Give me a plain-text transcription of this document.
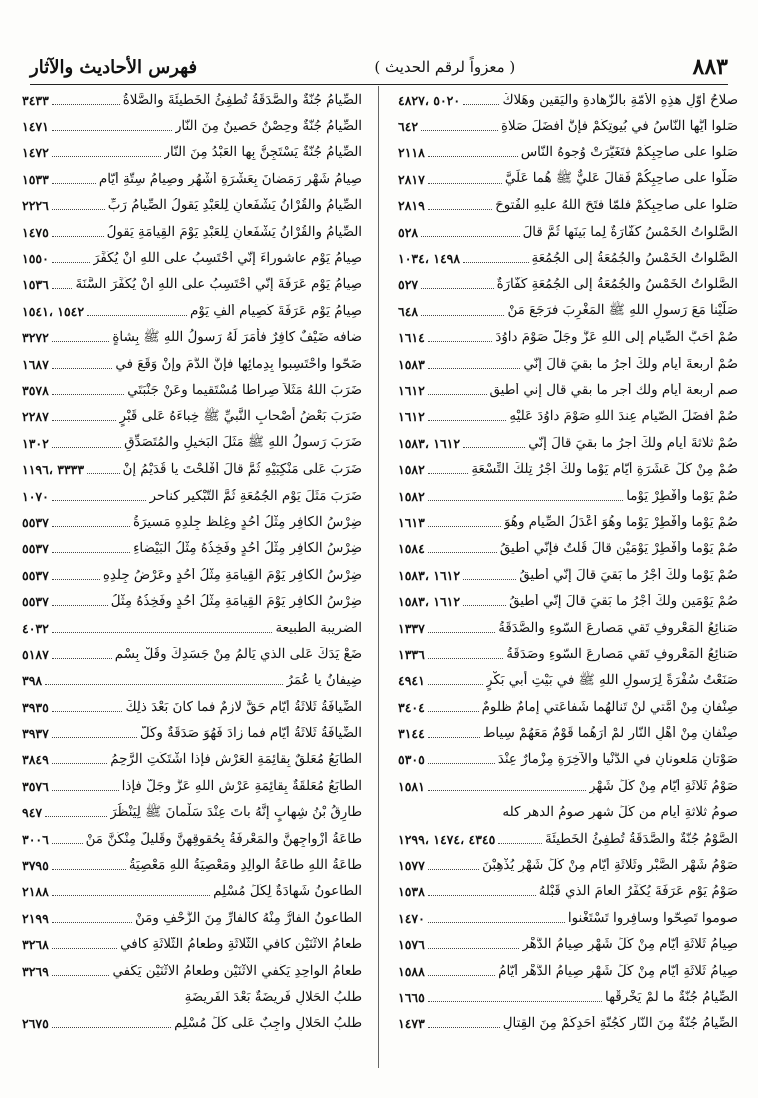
٨٨٣
( معزواً لرقم الحديث )
فهرس الأحاديث والآثار
صلاحُ أوّلِ هذِهِ الأمّةِ بالزّهادةِ واليَقينِ وهَلاكُ
٥٠٢٠ ،٤٨٢٧
صَلّوا أيُّها النّاسُ في بُيوتِكُمْ فإنَّ أفضَلَ صَلاةِ
٦٤٢
صَلّوا على صاحِبِكُمْ فتَغَيَّرَتْ وُجوهُ النّاسِ
٢١١٨
صَلّوا على صاحِبِكُمْ فَقالَ عَليٌّ ﷺ هُما عَلَيَّ
٢٨١٧
صَلّوا على صاحِبِكُمْ فلَمّا فتَحَ اللهُ عليهِ الفُتوحَ
٢٨١٩
الصَّلَواتُ الخَمْسُ كَفّارَةٌ لِما بَينَها ثُمَّ قالَ
٥٢٨
الصَّلَواتُ الخَمْسُ والجُمُعَةُ إلى الجُمُعَةِ
١٤٩٨ ،١٠٣٤
الصَّلَواتُ الخَمْسُ والجُمُعَةُ إلى الجُمُعَةِ كَفّارَةٌ
٥٢٧
صَلَّيْنا مَعَ رَسولِ اللهِ ﷺ المَغْرِبَ فرَجَعَ مَنْ
٦٤٨
صُمْ أحَبَّ الصِّيامِ إلى اللهِ عَزَّ وجَلَّ صَوْمَ داوُدَ
١٦١٤
صُمْ أربعةَ أيامٍ ولكَ أجرُ ما بقيَ قالَ إنّي
١٥٨٣
صم أربعة أيام ولك أجر ما بقي قال إني أطيق
١٦١٢
صُمْ أفضَلَ الصّيامِ عِندَ اللهِ صَوْمَ داوُدَ عَلَيْهِ
١٦١٢
صُمْ ثلاثةَ أيامٍ ولكَ أجرُ ما بقيَ قالَ إنّي
١٦١٢ ،١٥٨٣
صُمْ مِنْ كُلِّ عَشَرَةِ أيّامٍ يَوْماً ولَكَ أجْرُ تِلْكَ التِّسْعَةِ
١٥٨٢
صُمْ يَوْماً وأفْطِرْ يَوْماً
١٥٨٢
صُمْ يَوْماً وأفْطِرْ يَوْماً وهُوَ أعْدَلُ الصِّيامِ وهُوَ
١٦١٣
صُمْ يَوْماً وأفْطِرْ يَوْمَيْنِ قالَ قُلْتُ فإنّي أُطيقُ
١٥٨٤
صُمْ يَوْماً ولَكَ أجْرُ ما بَقيَ قالَ إنّي أُطيقُ
١٦١٢ ،١٥٨٣
صُمْ يَوْمَينِ ولَكَ أجْرُ ما بَقيَ قالَ إنّي أُطيقُ
١٦١٢ ،١٥٨٣
صَنائِعُ المَعْروفِ تَقي مَصارِعَ السّوءِ والصَّدَقَةُ
١٣٣٧
صَنائِعُ المَعْروفِ تَقي مَصارِعَ السّوءِ وصَدَقَةُ
١٣٣٦
صَنَعْتُ سُفْرَةً لِرَسولِ اللهِ ﷺ في بَيْتِ أبي بَكْرٍ
٤٩٤١
صِنْفانِ مِنْ أُمَّتي لَنْ تَنالَهُما شَفاعَتي إمامٌ ظَلومٌ
٣٤٠٤
صِنْفانِ مِنْ أهْلِ النّارِ لَمْ أرَهُما قَوْمٌ مَعَهُمْ سِياطٌ
٣١٤٤
صَوْتانِ مَلْعونانِ في الدُّنْيا والآخِرَةِ مِزْمارٌ عِنْدَ
٥٣٠٥
صَوْمُ ثَلاثَةِ أيّامٍ مِنْ كُلِّ شَهْرٍ
١٥٨١
صومُ ثلاثةِ أيامٍ من كُلِّ شهرٍ صومُ الدهرِ كلّه
الصَّوْمُ جُنَّةٌ والصَّدَقَةُ تُطْفِئُ الخَطيئَةَ
٤٣٤٥ ،١٤٧٤ ،١٢٩٩
صَوْمُ شَهْرِ الصَّبْرِ وثَلاثَةِ أيّامٍ مِنْ كُلِّ شَهْرٍ يُذْهِبْنَ
١٥٧٧
صَوْمُ يَوْمِ عَرَفَةَ يُكَفِّرُ العامَ الّذي قَبْلَهُ
١٥٣٨
صوموا تَصِحّوا وسافِروا تَسْتَغْنوا
١٤٧٠
صِيامُ ثَلاثَةِ أيّامٍ مِنْ كُلِّ شَهْرٍ صِيامُ الدَّهْرِ
١٥٧٦
صِيامُ ثَلاثَةِ أيّامٍ مِنْ كُلِّ شَهْرٍ صِيامُ الدَّهْرِ أيّامُ
١٥٨٨
الصِّيامُ جُنَّةٌ ما لَمْ يَخْرِقْها
١٦٦٥
الصِّيامُ جُنَّةٌ مِنَ النّارِ كَجُنَّةِ أحَدِكُمْ مِنَ القِتالِ
١٤٧٣
الصِّيامُ جُنَّةٌ والصَّدَقَةُ تُطْفِئُ الخَطيئَةَ والصَّلاةُ
٣٤٣٣
الصِّيامُ جُنَّةٌ وحِصْنٌ حَصينٌ مِنَ النّارِ
١٤٧١
الصِّيامُ جُنَّةٌ يَسْتَجِنُّ بِها العَبْدُ مِنَ النّارِ
١٤٧٢
صِيامُ شَهْرِ رَمَضانَ بِعَشْرَةِ أشْهُرٍ وصِيامُ سِتَّةِ أيّامٍ
١٥٣٣
الصِّيامُ والقُرْآنُ يَشْفَعانِ لِلعَبْدِ يَقولُ الصِّيامُ رَبِّ
٢٢٢٦
الصِّيامُ والقُرْآنُ يَشْفَعانِ لِلعَبْدِ يَوْمَ القِيامَةِ يَقولُ
١٤٧٥
صِيامُ يَوْمِ عاشوراءَ إنّي أحْتَسِبُ على اللهِ أنْ يُكَفِّرَ
١٥٥٠
صِيامُ يَوْمِ عَرَفَةَ إنّي أحْتَسِبُ على اللهِ أنْ يُكَفِّرَ السَّنَةَ
١٥٣٦
صِيامُ يَوْمِ عَرَفَةَ كَصِيامِ ألْفِ يَوْمٍ
١٥٤٢ ،١٥٤١
ضافه ضَيْفٌ كافِرٌ فأمَرَ لَهُ رَسولُ اللهِ ﷺ بِشاةٍ
٣٢٧٢
ضَحّوا واحْتَسِبوا بِدِمائِها فإنَّ الدَّمَ وإنْ وَقَعَ في
١٦٨٧
ضَرَبَ اللهُ مَثَلاً صِراطاً مُسْتَقيماً وعَنْ جَنْبَتَيِ
٣٥٧٨
ضَرَبَ بَعْضُ أصْحابِ النَّبيِّ ﷺ خِباءَهُ عَلى قَبْرٍ
٢٢٨٧
ضَرَبَ رَسولُ اللهِ ﷺ مَثَلَ البَخيلِ والمُتَصَدِّقِ
١٣٠٢
ضَرَبَ عَلى مَنْكِبَيْهِ ثُمَّ قالَ أفْلَحْتَ يا قُدَيْمُ إنْ
٣٣٣٣ ،١١٩٦
ضَرَبَ مَثَلَ يَوْمِ الجُمُعَةِ ثُمَّ التَّبْكيرِ كناحر
١٠٧٠
ضِرْسُ الكافِرِ مِثْلُ أُحُدٍ وغِلَظُ جِلْدِهِ مَسيرَةُ
٥٥٣٧
ضِرْسُ الكافِرِ مِثْلُ أُحُدٍ وفَخِذُهُ مِثْلُ البَيْضاءِ
٥٥٣٧
ضِرْسُ الكافِرِ يَوْمَ القِيامَةِ مِثْلُ أُحُدٍ وعَرْضُ جِلْدِهِ
٥٥٣٧
ضِرْسُ الكافِرِ يَوْمَ القِيامَةِ مِثْلُ أُحُدٍ وفَخِذُهُ مِثْلُ
٥٥٣٧
الضريبة الطبيعة
٤٠٣٢
ضَعْ يَدَكَ عَلى الّذي يَألَمُ مِنْ جَسَدِكَ وقُلْ بِسْمِ
٥١٨٧
ضِيفانُ يا عُمَرُ
٣٩٨
الضِّيافَةُ ثَلاثَةُ أيّامٍ حَقٌّ لازِمٌ فما كانَ بَعْدَ ذلِكَ
٣٩٣٥
الضِّيافَةُ ثَلاثَةُ أيّامٍ فما زادَ فَهُوَ صَدَقَةٌ وكُلُّ
٣٩٣٧
الطّابَعُ مُعَلَّقٌ بِقائِمَةِ العَرْشِ فإذا اشْتَكَتِ الرَّحِمُ
٣٨٤٩
الطّابَعُ مُعَلَّقَةٌ بِقائِمَةِ عَرْشِ اللهِ عَزَّ وجَلَّ فإذا
٣٥٧٦
طارِقُ بْنُ شِهابٍ إنَّهُ باتَ عِنْدَ سَلْمانَ ﷺ لِيَنْظُرَ
٩٤٧
طاعَةُ أزْواجِهِنَّ والمَعْرِفَةُ بِحُقوقِهِنَّ وقَليلٌ مِنْكُنَّ مَنْ
٣٠٠٦
طاعَةُ اللهِ طاعَةُ الوالِدِ ومَعْصِيَةُ اللهِ مَعْصِيَةُ
٣٧٩٥
الطّاعونُ شَهادَةٌ لِكُلِّ مُسْلِمٍ
٢١٨٨
الطّاعونُ الفارُّ مِنْهُ كالفارِّ مِنَ الزَّحْفِ ومَنْ
٢١٩٩
طَعامُ الاثْنَيْنِ كافي الثَّلاثَةِ وطَعامُ الثَّلاثَةِ كافي
٣٢٦٨
طَعامُ الواحِدِ يَكْفي الاثْنَيْنِ وطَعامُ الاثْنَيْنِ يَكْفي
٣٢٦٩
طَلَبُ الحَلالِ فَريضَةٌ بَعْدَ الفَريضَةِ
طَلَبُ الحَلالِ واجِبٌ عَلى كُلِّ مُسْلِمٍ
٢٦٧٥
